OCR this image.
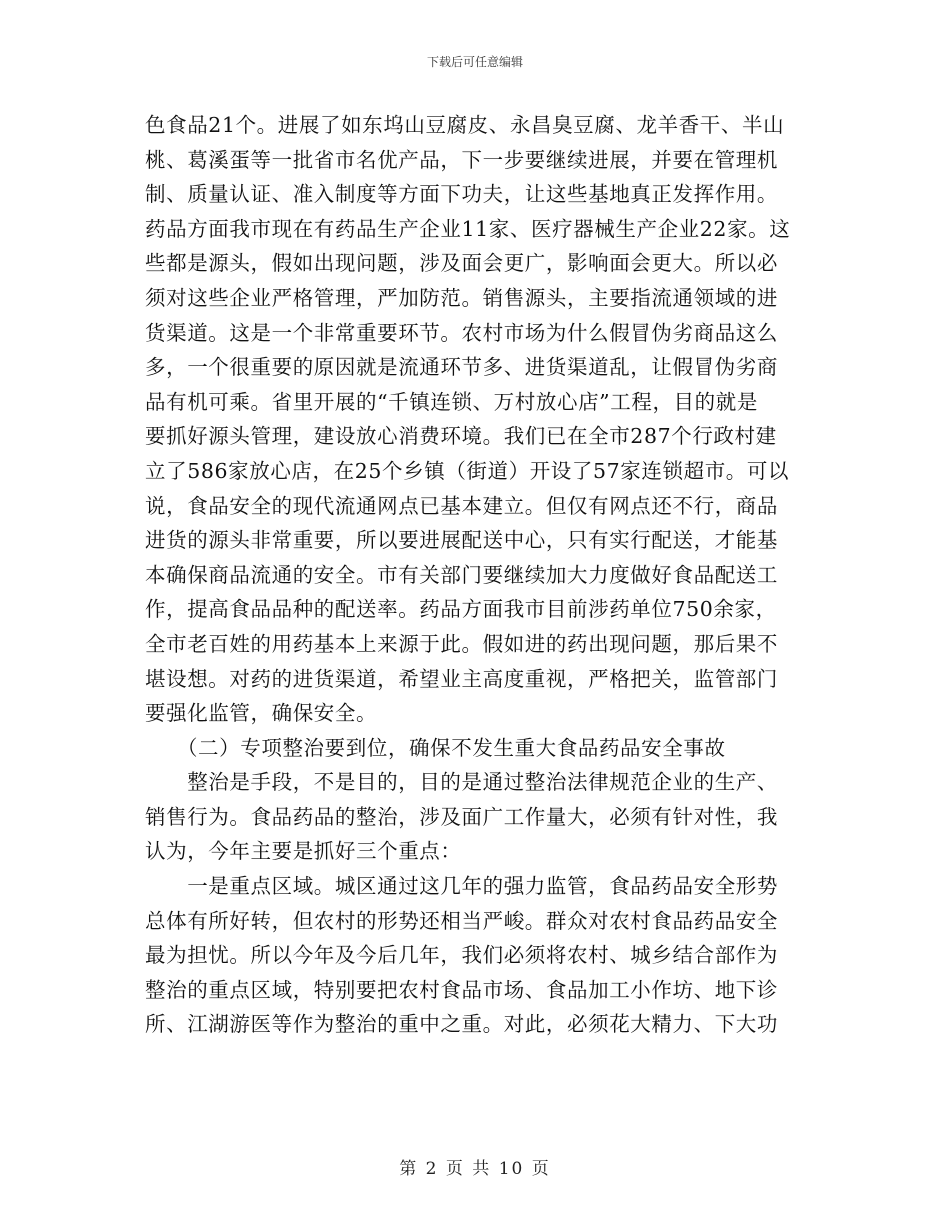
下载后可任意编辑
色食品21个。进展了如东坞山豆腐皮、永昌臭豆腐、龙羊香干、半山
桃、葛溪蛋等一批省市名优产品，下一步要继续进展，并要在管理机
制、质量认证、准入制度等方面下功夫，让这些基地真正发挥作用。
药品方面我市现在有药品生产企业11家、医疗器械生产企业22家。这
些都是源头，假如出现问题，涉及面会更广，影响面会更大。所以必
须对这些企业严格管理，严加防范。销售源头，主要指流通领域的进
货渠道。这是一个非常重要环节。农村市场为什么假冒伪劣商品这么
多，一个很重要的原因就是流通环节多、进货渠道乱，让假冒伪劣商
品有机可乘。省里开展的“千镇连锁、万村放心店”工程，目的就是
要抓好源头管理，建设放心消费环境。我们已在全市287个行政村建
立了586家放心店，在25个乡镇（街道）开设了57家连锁超市。可以
说，食品安全的现代流通网点已基本建立。但仅有网点还不行，商品
进货的源头非常重要，所以要进展配送中心，只有实行配送，才能基
本确保商品流通的安全。市有关部门要继续加大力度做好食品配送工
作，提高食品品种的配送率。药品方面我市目前涉药单位750余家，
全市老百姓的用药基本上来源于此。假如进的药出现问题，那后果不
堪设想。对药的进货渠道，希望业主高度重视，严格把关，监管部门
要强化监管，确保安全。
　　（二）专项整治要到位，确保不发生重大食品药品安全事故
　　整治是手段，不是目的，目的是通过整治法律规范企业的生产、
销售行为。食品药品的整治，涉及面广工作量大，必须有针对性，我
认为，今年主要是抓好三个重点：
　　一是重点区域。城区通过这几年的强力监管，食品药品安全形势
总体有所好转，但农村的形势还相当严峻。群众对农村食品药品安全
最为担忧。所以今年及今后几年，我们必须将农村、城乡结合部作为
整治的重点区域，特别要把农村食品市场、食品加工小作坊、地下诊
所、江湖游医等作为整治的重中之重。对此，必须花大精力、下大功
第 2 页 共 10 页
